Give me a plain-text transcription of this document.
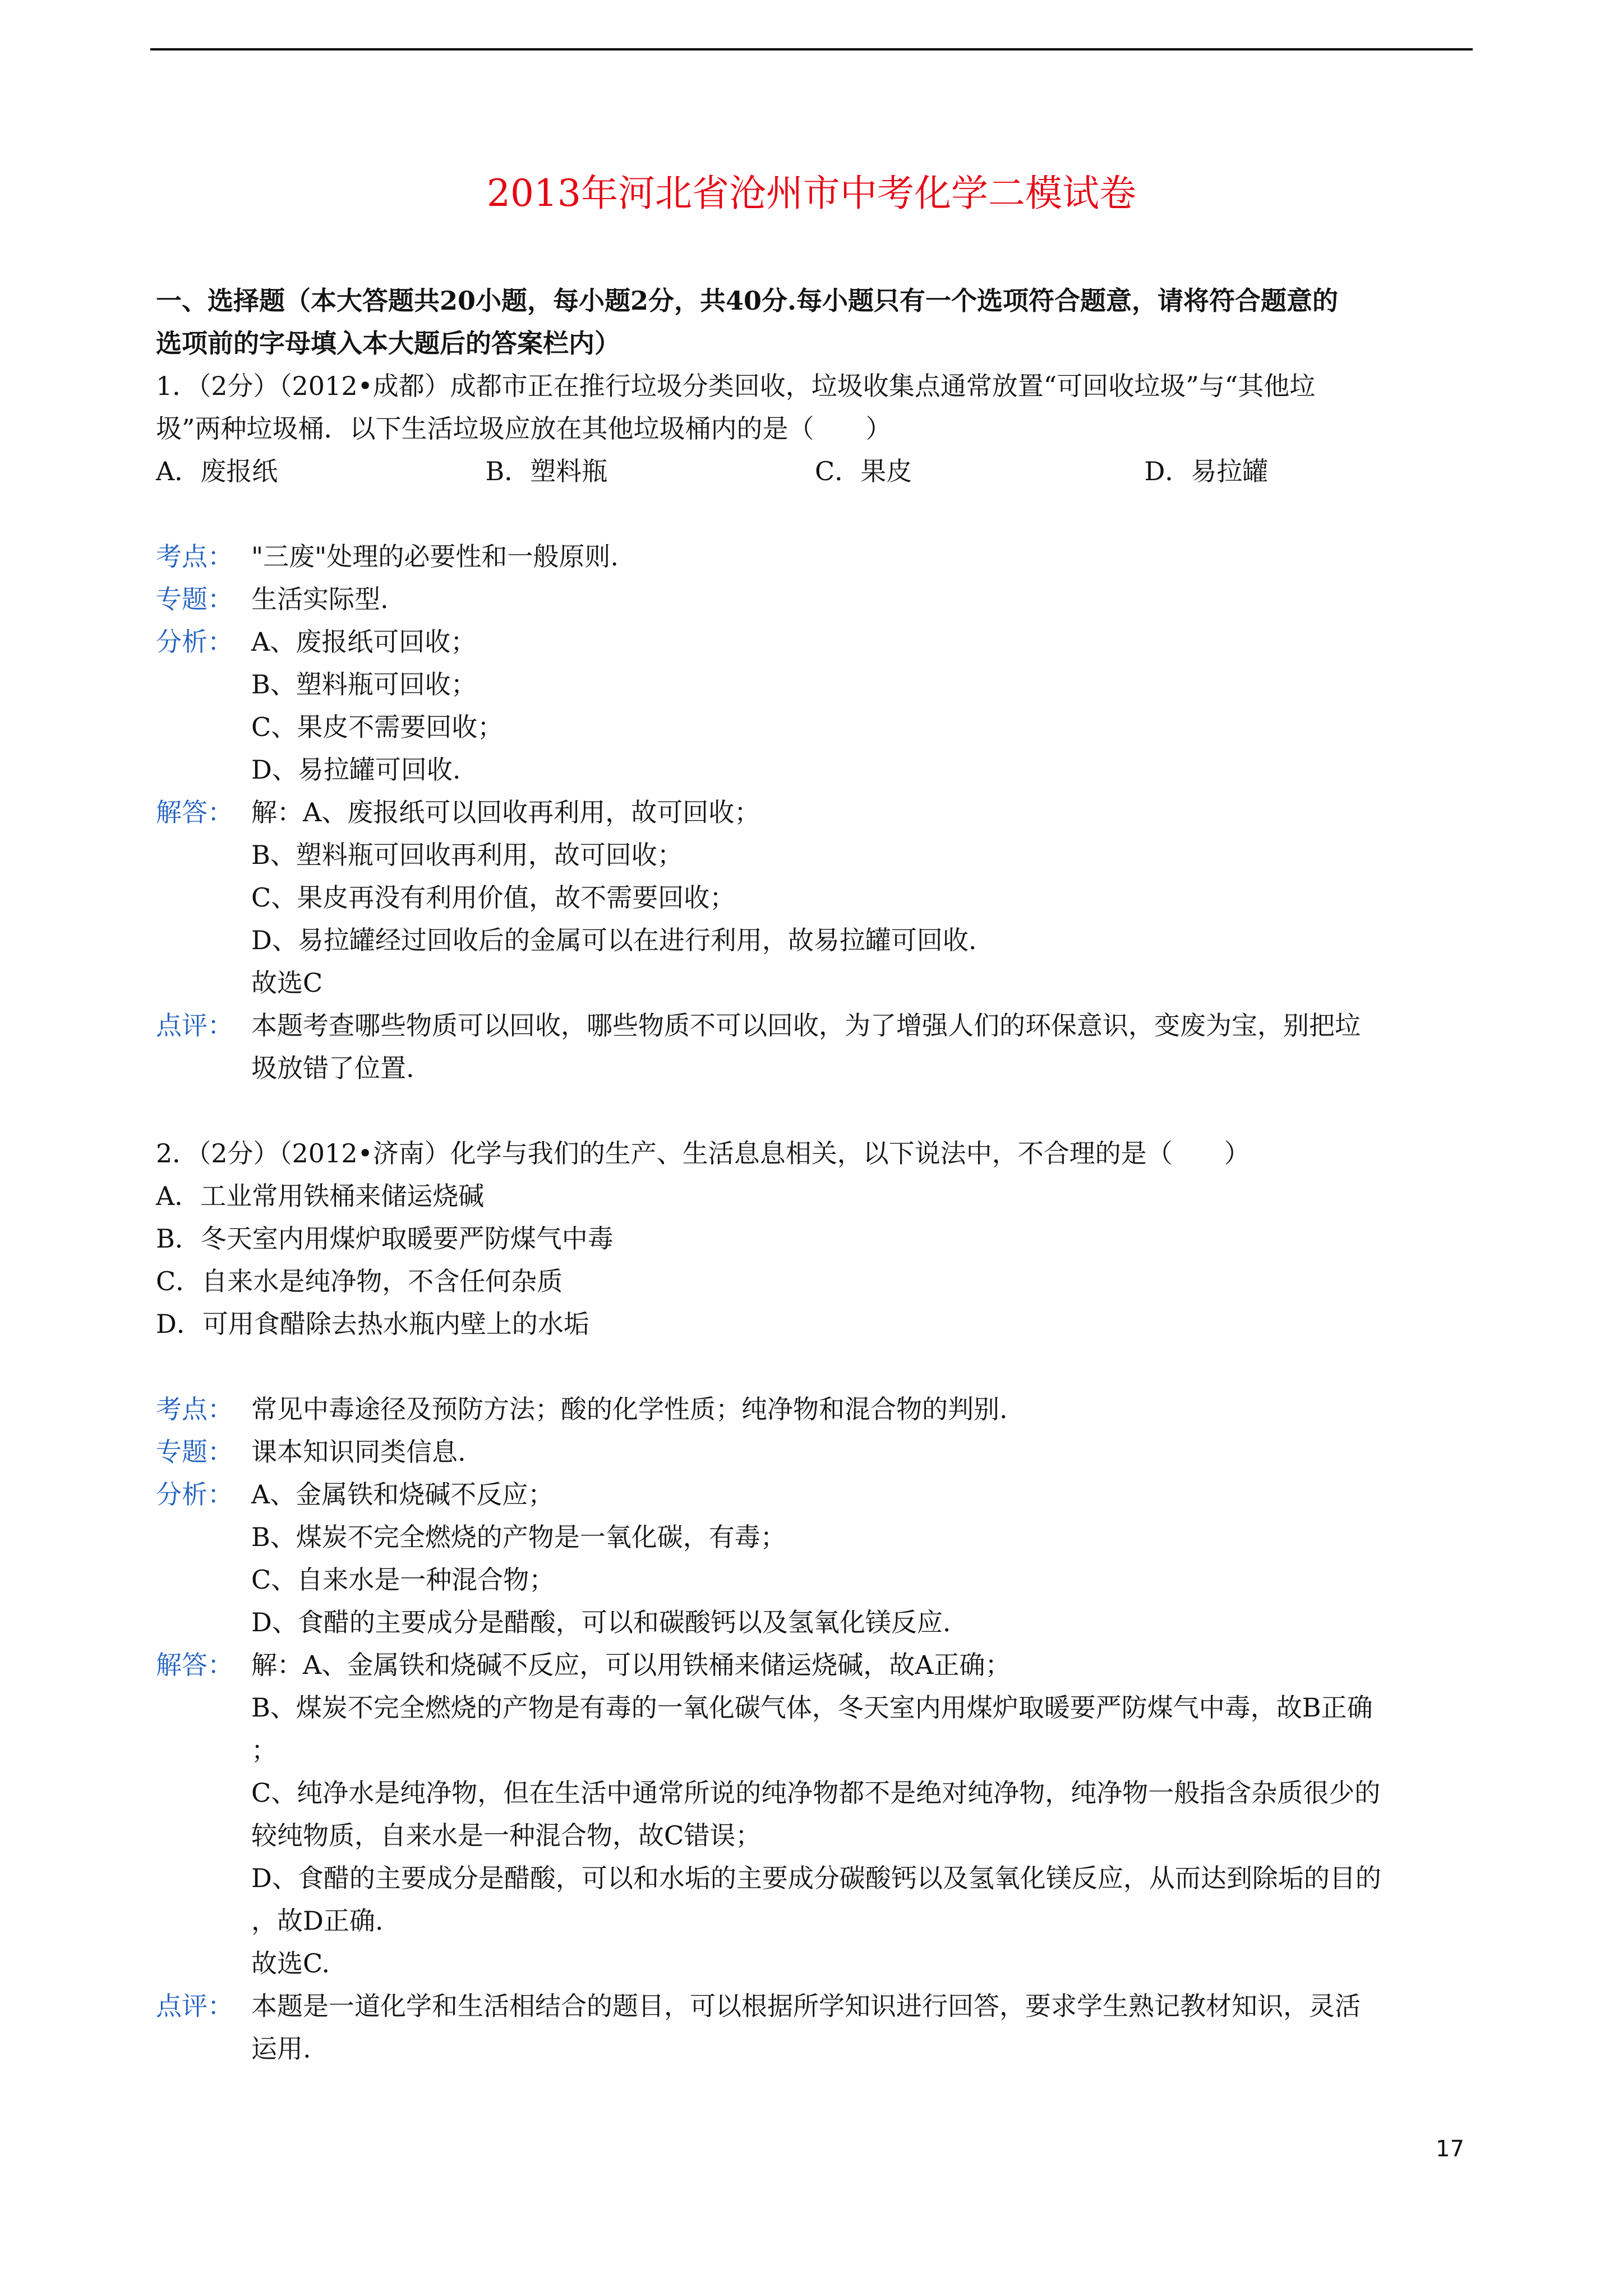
2013年河北省沧州市中考化学二模试卷
一、选择题（本大答题共20小题，每小题2分，共40分.每小题只有一个选项符合题意，请将符合题意的
选项前的字母填入本大题后的答案栏内）
1．（2分）（2012•成都）成都市正在推行垃圾分类回收，垃圾收集点通常放置“可回收垃圾”与“其他垃
圾”两种垃圾桶．以下生活垃圾应放在其他垃圾桶内的是（　　）
A．废报纸	B．塑料瓶	C．果皮	D．易拉罐
考点： "三废"处理的必要性和一般原则.
专题： 生活实际型.
分析： A、废报纸可回收；
B、塑料瓶可回收；
C、果皮不需要回收；
D、易拉罐可回收.
解答： 解：A、废报纸可以回收再利用，故可回收；
B、塑料瓶可回收再利用，故可回收；
C、果皮再没有利用价值，故不需要回收；
D、易拉罐经过回收后的金属可以在进行利用，故易拉罐可回收.
故选C
点评： 本题考查哪些物质可以回收，哪些物质不可以回收，为了增强人们的环保意识，变废为宝，别把垃
圾放错了位置.
2．（2分）（2012•济南）化学与我们的生产、生活息息相关，以下说法中，不合理的是（　　）
A．工业常用铁桶来储运烧碱
B．冬天室内用煤炉取暖要严防煤气中毒
C．自来水是纯净物，不含任何杂质
D．可用食醋除去热水瓶内壁上的水垢
考点： 常见中毒途径及预防方法；酸的化学性质；纯净物和混合物的判别.
专题： 课本知识同类信息.
分析： A、金属铁和烧碱不反应；
B、煤炭不完全燃烧的产物是一氧化碳，有毒；
C、自来水是一种混合物；
D、食醋的主要成分是醋酸，可以和碳酸钙以及氢氧化镁反应.
解答： 解：A、金属铁和烧碱不反应，可以用铁桶来储运烧碱，故A正确；
B、煤炭不完全燃烧的产物是有毒的一氧化碳气体，冬天室内用煤炉取暖要严防煤气中毒，故B正确
；
C、纯净水是纯净物，但在生活中通常所说的纯净物都不是绝对纯净物，纯净物一般指含杂质很少的
较纯物质，自来水是一种混合物，故C错误；
D、食醋的主要成分是醋酸，可以和水垢的主要成分碳酸钙以及氢氧化镁反应，从而达到除垢的目的
，故D正确.
故选C.
点评： 本题是一道化学和生活相结合的题目，可以根据所学知识进行回答，要求学生熟记教材知识，灵活
运用.
17
